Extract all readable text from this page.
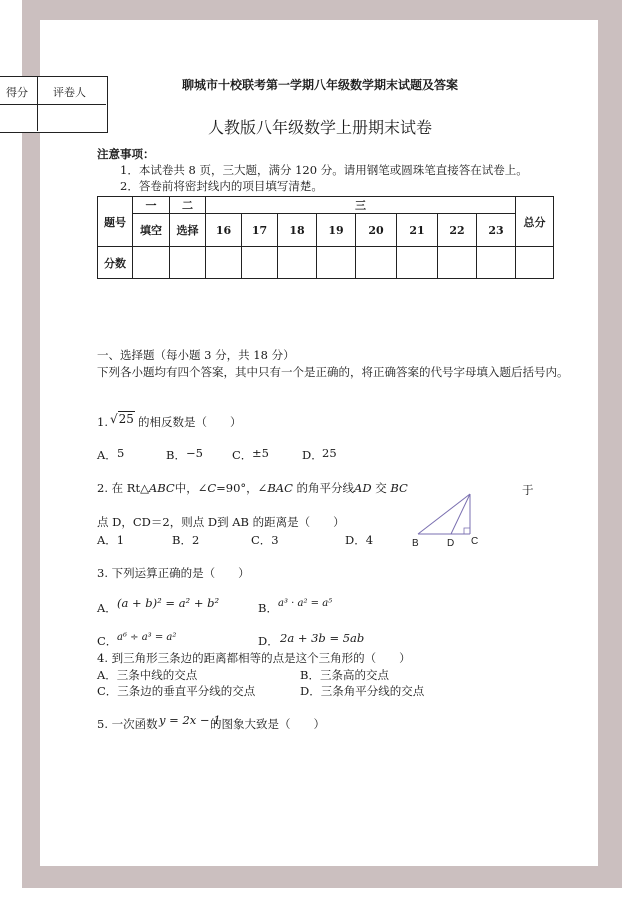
得分 评卷人
聊城市十校联考第一学期八年级数学期末试题及答案
人教版八年级数学上册期末试卷
注意事项：
1．本试卷共 8 页，三大题，满分 120 分。请用钢笔或圆珠笔直接答在试卷上。
2．答卷前将密封线内的项目填写清楚。
题号	一	二	三								总分
	填空	选择	16	17	18	19	20	21	22	23	
分数											
一、选择题（每小题 3 分，共 18 分）
下列各小题均有四个答案，其中只有一个是正确的，将正确答案的代号字母填入题后括号内。
1. √25 的相反数是（　　）
A． 5	B． −5	C． ±5	D． 25
2. 在 Rt△ABC中，∠C=90°，∠BAC 的角平分线AD 交 BC	于
点 D，CD＝2，则点 D到 AB 的距离是（　　）
A．1	B．2	C．3	D．4	B	D C
3. 下列运算正确的是（　　）
A． (a + b)² = a² + b²	B． a³ · a² = a⁵
C． a⁶ ÷ a³ = a²	D． 2a + 3b = 5ab
4. 到三角形三条边的距离都相等的点是这个三角形的（　　）
A．三条中线的交点	B．三条高的交点
C．三条边的垂直平分线的交点	D．三条角平分线的交点
5. 一次函数 y = 2x − 1
的图象大致是（　　）
